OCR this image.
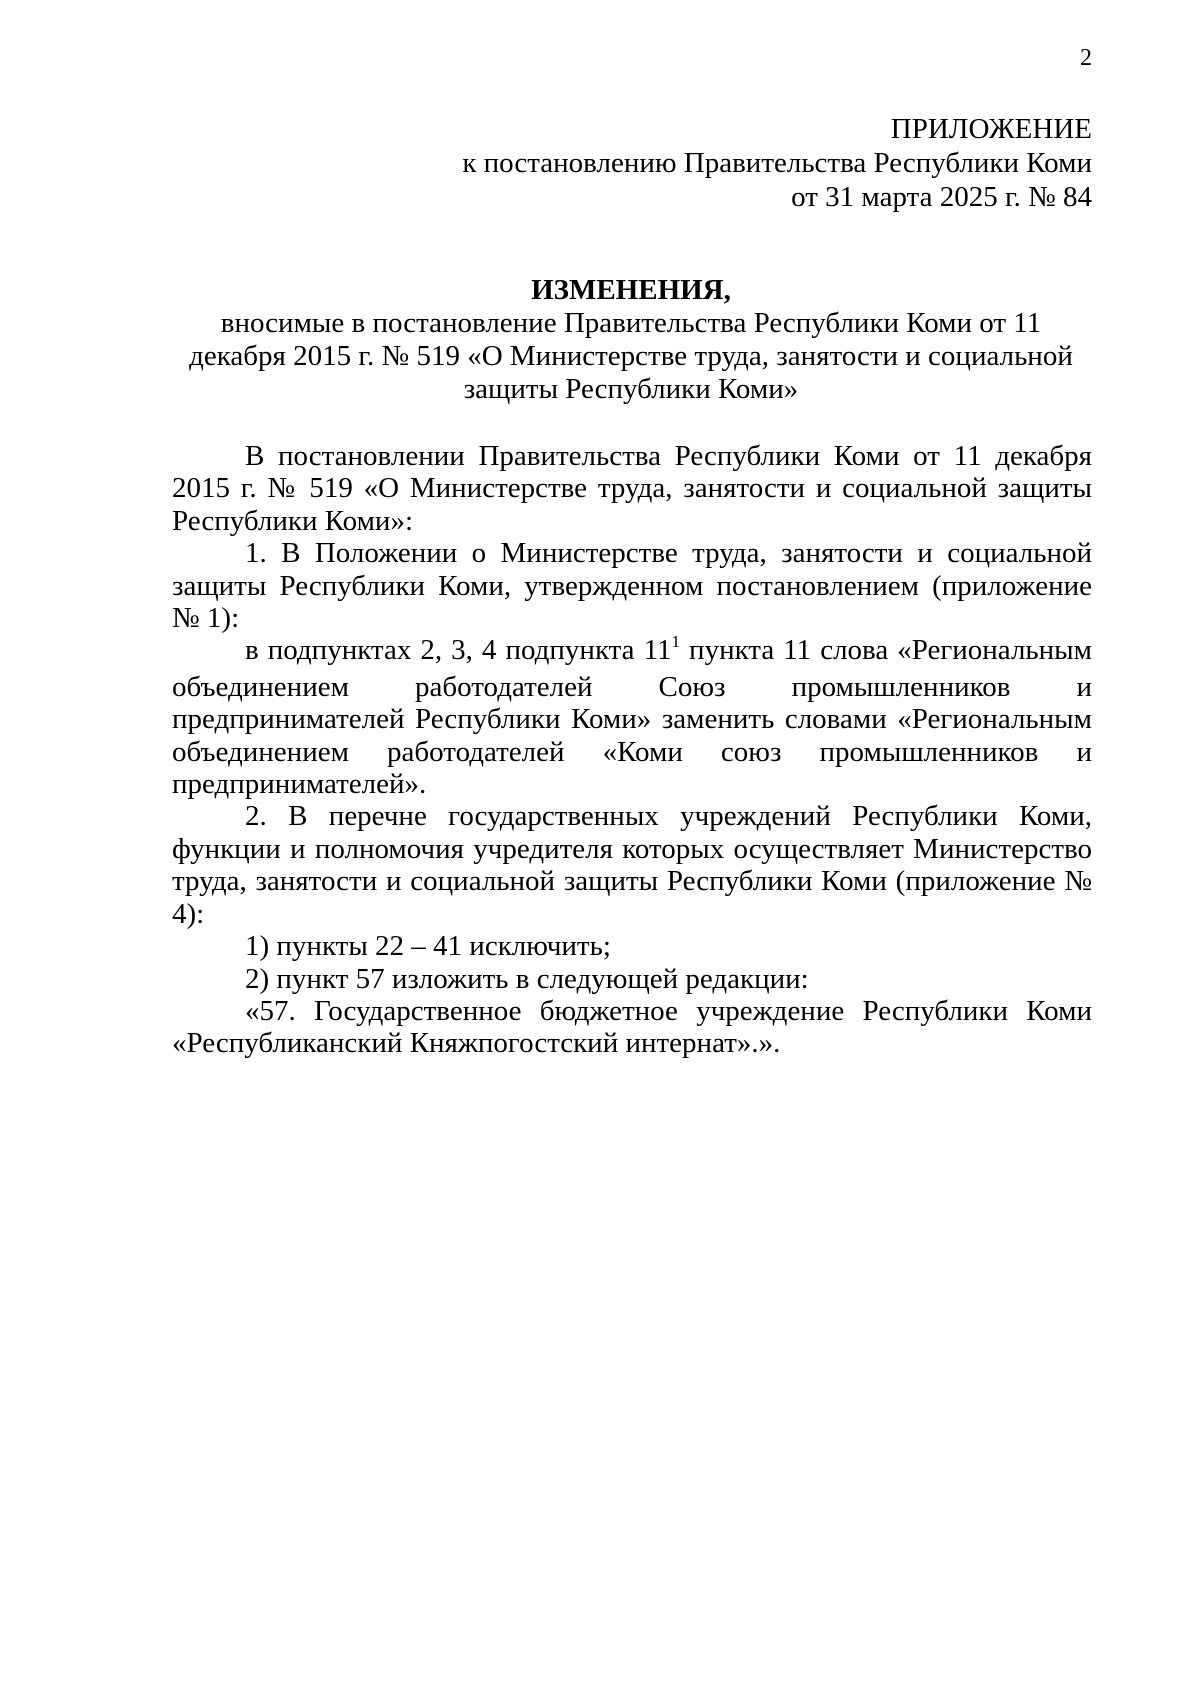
2
ПРИЛОЖЕНИЕ
к постановлению Правительства Республики Коми
от 31 марта 2025 г. № 84
ИЗМЕНЕНИЯ,
вносимые в постановление Правительства Республики Коми от 11 декабря 2015 г. № 519 «О Министерстве труда, занятости и социальной защиты Республики Коми»

В постановлении Правительства Республики Коми от 11 декабря 2015 г. № 519 «О Министерстве труда, занятости и социальной защиты Республики Коми»:

1. В Положении о Министерстве труда, занятости и социальной защиты Республики Коми, утвержденном постановлением (приложение № 1):

в подпунктах 2, 3, 4 подпункта $11^1$ пункта 11 слова «Региональным объединением работодателей Союз промышленников и предпринимателей Республики Коми» заменить словами «Региональным объединением работодателей «Коми союз промышленников и предпринимателей».

2. В перечне государственных учреждений Республики Коми, функции и полномочия учредителя которых осуществляет Министерство труда, занятости и социальной защиты Республики Коми (приложение № 4):

1) пункты 22 – 41 исключить;

2) пункт 57 изложить в следующей редакции:

«57. Государственное бюджетное учреждение Республики Коми «Республиканский Княжпогостский интернат».».
